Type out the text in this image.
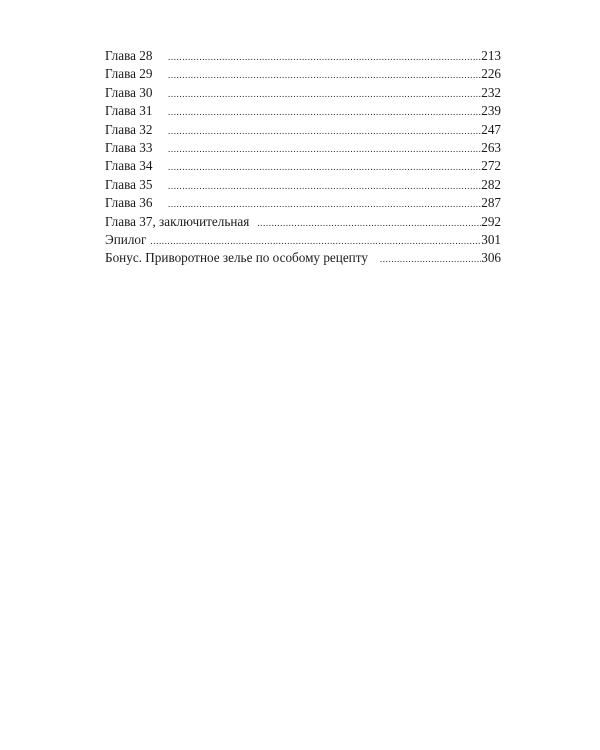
Глава 28 .....	213
Глава 29 .....	226
Глава 30 .....	232
Глава 31 .....	239
Глава 32 .....	247
Глава 33 .....	263
Глава 34 .....	272
Глава 35 .....	282
Глава 36 .....	287
Глава 37, заключительная .....	292
Эпилог .....	301
Бонус. Приворотное зелье по особому рецепту .....	306
